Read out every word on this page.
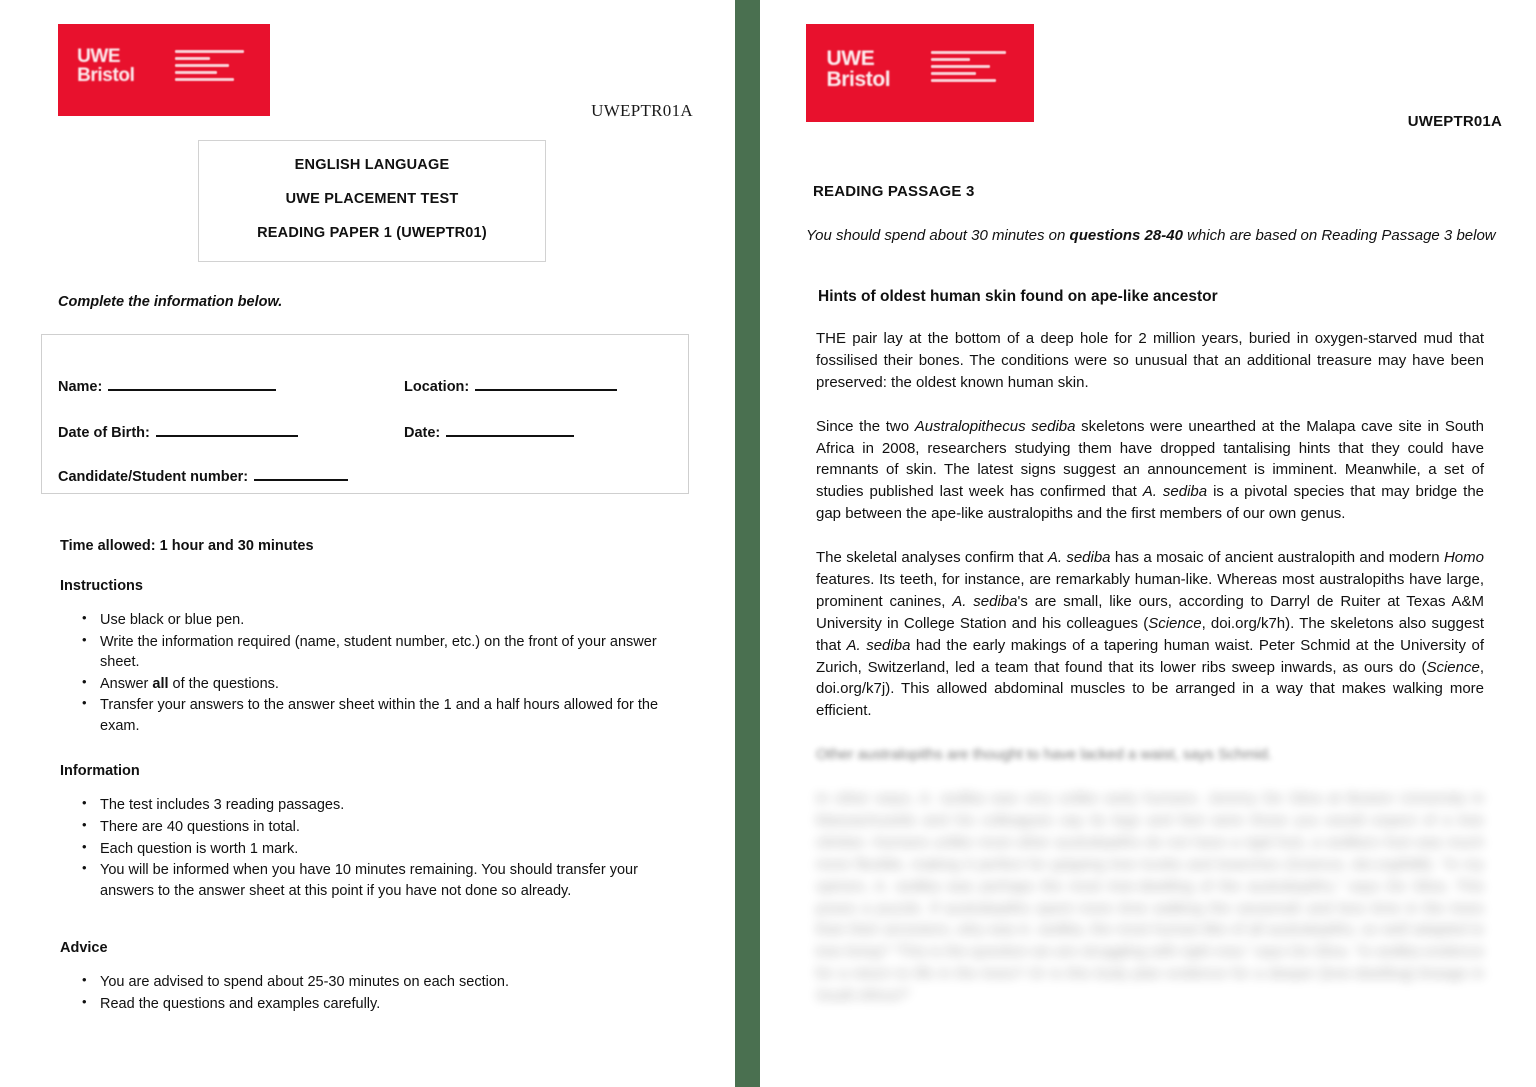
UWE
Bristol
UWEPTR01A

ENGLISH LANGUAGE

UWE PLACEMENT TEST

READING PAPER 1 (UWEPTR01)

Complete the information below.
Name:	Location:
Date of Birth:	Date:
Candidate/Student number:

Time allowed: 1 hour and 30 minutes

Instructions

• Use black or blue pen.
• Write the information required (name, student number, etc.) on the front of your answer sheet.
• Answer all of the questions.
• Transfer your answers to the answer sheet within the 1 and a half hours allowed for the exam.

Information

• The test includes 3 reading passages.
• There are 40 questions in total.
• Each question is worth 1 mark.
• You will be informed when you have 10 minutes remaining. You should transfer your answers to the answer sheet at this point if you have not done so already.

Advice

• You are advised to spend about 25-30 minutes on each section.
• Read the questions and examples carefully.
UWE
Bristol
UWEPTR01A
READING PASSAGE 3
You should spend about 30 minutes on questions 28-40 which are based on Reading Passage 3 below
Hints of oldest human skin found on ape-like ancestor

THE pair lay at the bottom of a deep hole for 2 million years, buried in oxygen-starved mud that fossilised their bones. The conditions were so unusual that an additional treasure may have been preserved: the oldest known human skin.

Since the two Australopithecus sediba skeletons were unearthed at the Malapa cave site in South Africa in 2008, researchers studying them have dropped tantalising hints that they could have remnants of skin. The latest signs suggest an announcement is imminent. Meanwhile, a set of studies published last week has confirmed that A. sediba is a pivotal species that may bridge the gap between the ape-like australopiths and the first members of our own genus.

The skeletal analyses confirm that A. sediba has a mosaic of ancient australopith and modern Homo features. Its teeth, for instance, are remarkably human-like. Whereas most australopiths have large, prominent canines, A. sediba's are small, like ours, according to Darryl de Ruiter at Texas A&M University in College Station and his colleagues (Science, doi.org/k7h). The skeletons also suggest that A. sediba had the early makings of a tapering human waist. Peter Schmid at the University of Zurich, Switzerland, led a team that found that its lower ribs sweep inwards, as ours do (Science, doi.org/k7j). This allowed abdominal muscles to be arranged in a way that makes walking more efficient.

Other australopiths are thought to have lacked a waist, says Schmid.

In other ways, A. sediba was very unlike early humans. Jeremy De Silva at Boston University in Massachusetts and his colleagues say its legs and feet were those you would expect of a tree climber. Humans unlike most other australopiths do not have a rigid foot, a sediba's foot was much more flexible, making it perfect for gripping tree trunks and branches (Science, doi.org/k88). "In my opinion, A. sediba was perhaps the most tree-dwelling of the australopiths," says De Silva. This poses a puzzle. If australopiths spent more time walking the savannah and less time in the trees than their ancestors, why was A. sediba, the most human-like of all australopiths, so well adapted to tree living? "This is the question we are struggling with right now," says De Silva. "Is sediba evidence for a return to life in the trees? Or is this body plan evidence for a deeper [tree-dwelling] lineage in South Africa?"
